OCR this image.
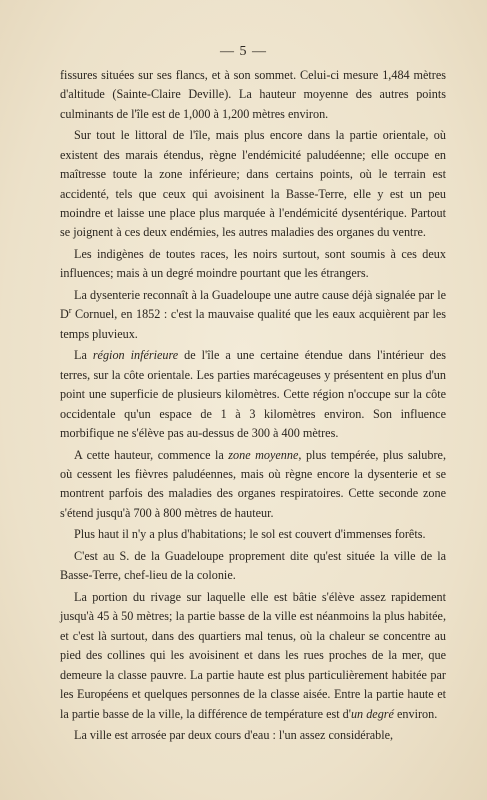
— 5 —

fissures situées sur ses flancs, et à son sommet. Celui-ci mesure 1,484 mètres d'altitude (Sainte-Claire Deville). La hauteur moyenne des autres points culminants de l'île est de 1,000 à 1,200 mètres environ.

Sur tout le littoral de l'île, mais plus encore dans la partie orientale, où existent des marais étendus, règne l'endémicité paludéenne; elle occupe en maîtresse toute la zone inférieure; dans certains points, où le terrain est accidenté, tels que ceux qui avoisinent la Basse-Terre, elle y est un peu moindre et laisse une place plus marquée à l'endémicité dysentérique. Partout se joignent à ces deux endémies, les autres maladies des organes du ventre.

Les indigènes de toutes races, les noirs surtout, sont soumis à ces deux influences; mais à un degré moindre pourtant que les étrangers.

La dysenterie reconnaît à la Guadeloupe une autre cause déjà signalée par le $D^r$ Cornuel, en 1852 : c'est la mauvaise qualité que les eaux acquièrent par les temps pluvieux.

La région inférieure de l'île a une certaine étendue dans l'intérieur des terres, sur la côte orientale. Les parties marécageuses y présentent en plus d'un point une superficie de plusieurs kilomètres. Cette région n'occupe sur la côte occidentale qu'un espace de 1 à 3 kilomètres environ. Son influence morbifique ne s'élève pas au-dessus de 300 à 400 mètres.

A cette hauteur, commence la zone moyenne, plus tempérée, plus salubre, où cessent les fièvres paludéennes, mais où règne encore la dysenterie et se montrent parfois des maladies des organes respiratoires. Cette seconde zone s'étend jusqu'à 700 à 800 mètres de hauteur.

Plus haut il n'y a plus d'habitations; le sol est couvert d'immenses forêts.

C'est au S. de la Guadeloupe proprement dite qu'est située la ville de la Basse-Terre, chef-lieu de la colonie.

La portion du rivage sur laquelle elle est bâtie s'élève assez rapidement jusqu'à 45 à 50 mètres; la partie basse de la ville est néanmoins la plus habitée, et c'est là surtout, dans des quartiers mal tenus, où la chaleur se concentre au pied des collines qui les avoisinent et dans les rues proches de la mer, que demeure la classe pauvre. La partie haute est plus particulièrement habitée par les Européens et quelques personnes de la classe aisée. Entre la partie haute et la partie basse de la ville, la différence de température est d'un degré environ.

La ville est arrosée par deux cours d'eau : l'un assez considérable,
